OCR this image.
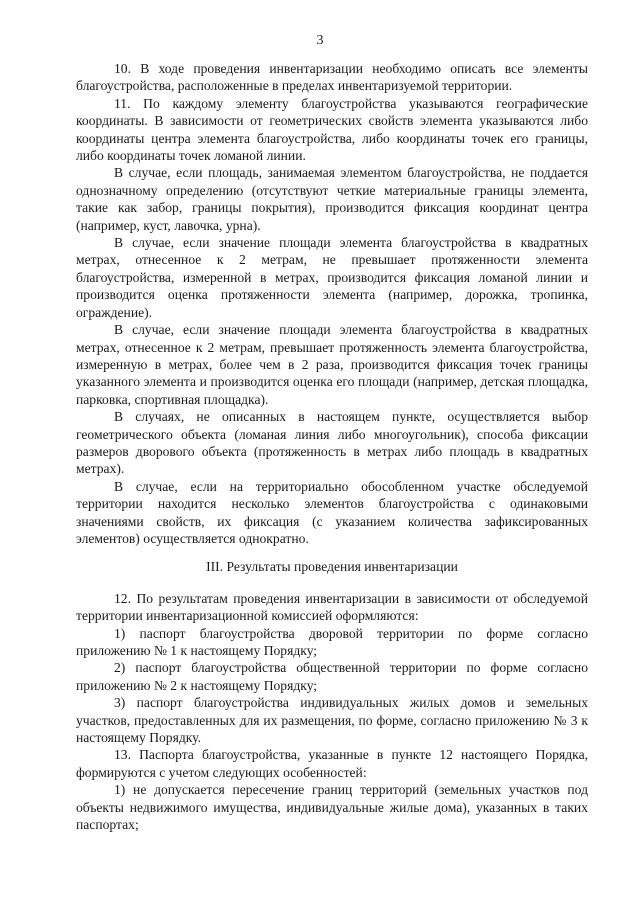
3

10. В ходе проведения инвентаризации необходимо описать все элементы благоустройства, расположенные в пределах инвентаризуемой территории.

11. По каждому элементу благоустройства указываются географические координаты. В зависимости от геометрических свойств элемента указываются либо координаты центра элемента благоустройства, либо координаты точек его границы, либо координаты точек ломаной линии.

В случае, если площадь, занимаемая элементом благоустройства, не поддается однозначному определению (отсутствуют четкие материальные границы элемента, такие как забор, границы покрытия), производится фиксация координат центра (например, куст, лавочка, урна).

В случае, если значение площади элемента благоустройства в квадратных метрах, отнесенное к 2 метрам, не превышает протяженности элемента благоустройства, измеренной в метрах, производится фиксация ломаной линии и производится оценка протяженности элемента (например, дорожка, тропинка, ограждение).

В случае, если значение площади элемента благоустройства в квадратных метрах, отнесенное к 2 метрам, превышает протяженность элемента благоустройства, измеренную в метрах, более чем в 2 раза, производится фиксация точек границы указанного элемента и производится оценка его площади (например, детская площадка, парковка, спортивная площадка).

В случаях, не описанных в настоящем пункте, осуществляется выбор геометрического объекта (ломаная линия либо многоугольник), способа фиксации размеров дворового объекта (протяженность в метрах либо площадь в квадратных метрах).

В случае, если на территориально обособленном участке обследуемой территории находится несколько элементов благоустройства с одинаковыми значениями свойств, их фиксация (с указанием количества зафиксированных элементов) осуществляется однократно.

III. Результаты проведения инвентаризации

12. По результатам проведения инвентаризации в зависимости от обследуемой территории инвентаризационной комиссией оформляются:

1) паспорт благоустройства дворовой территории по форме согласно приложению № 1 к настоящему Порядку;

2) паспорт благоустройства общественной территории по форме согласно приложению № 2 к настоящему Порядку;

3) паспорт благоустройства индивидуальных жилых домов и земельных участков, предоставленных для их размещения, по форме, согласно приложению № 3 к настоящему Порядку.

13. Паспорта благоустройства, указанные в пункте 12 настоящего Порядка, формируются с учетом следующих особенностей:

1) не допускается пересечение границ территорий (земельных участков под объекты недвижимого имущества, индивидуальные жилые дома), указанных в таких паспортах;
